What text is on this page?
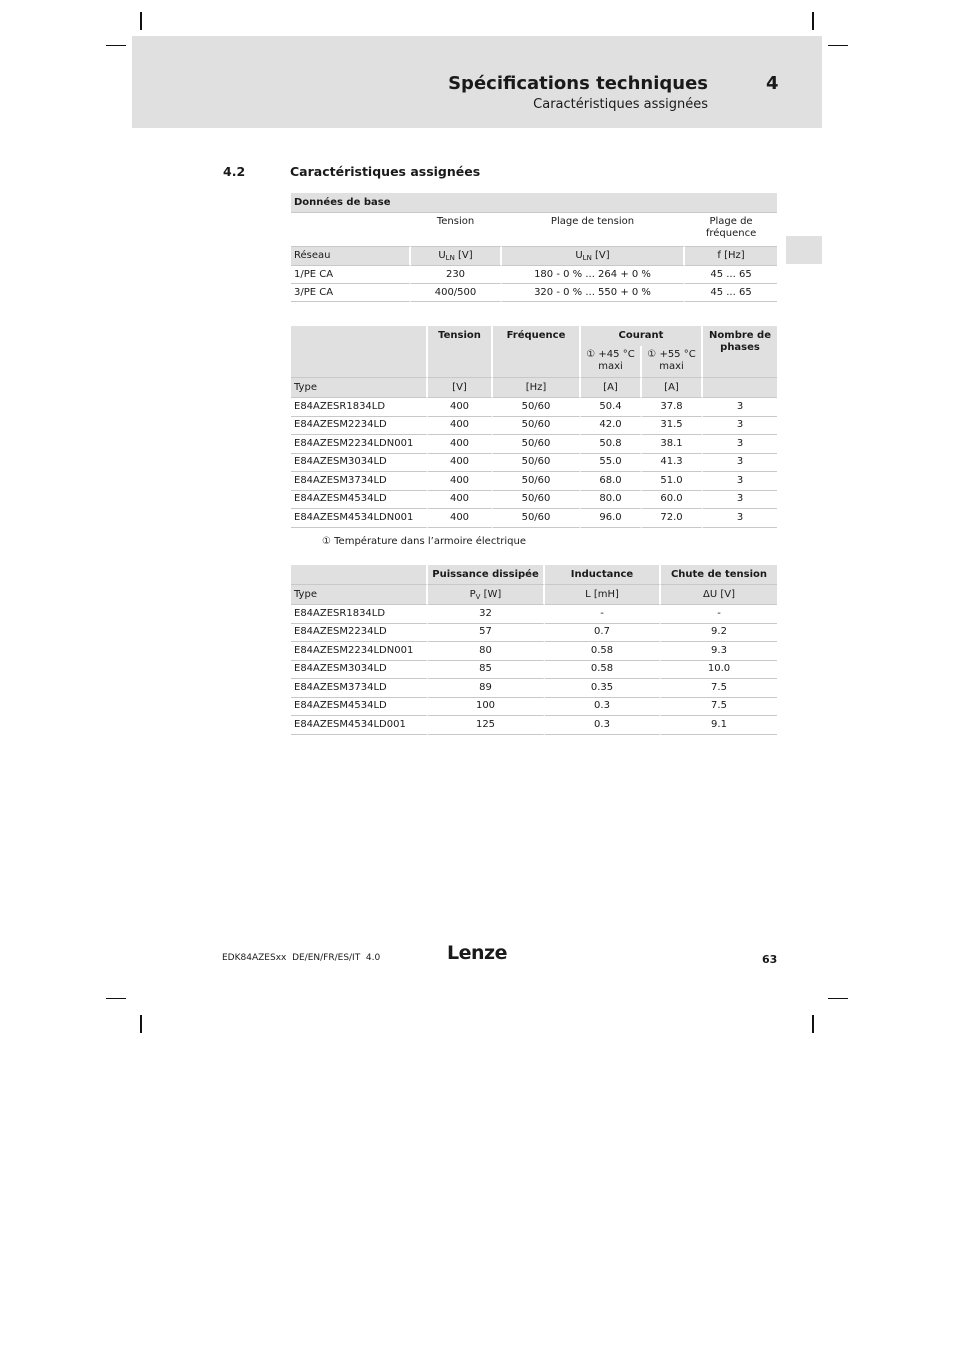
Spécifications techniques
Caractéristiques assignées
4
4.2	Caractéristiques assignées
Données de base			
	Tension	Plage de tension	Plage de fréquence
Réseau	$U_{LN}$ [V]	$U_{LN}$ [V]	f [Hz]
1/PE CA	230	180 - 0 % ... 264 + 0 %	45 ... 65
3/PE CA	400/500	320 - 0 % ... 550 + 0 %	45 ... 65
	Tension	Fréquence	Courant		Nombre de phases
			① +45 °C maxi	① +55 °C maxi	
Type	[V]	[Hz]	[A]	[A]	
E84AZESR1834LD	400	50/60	50.4	37.8	3
E84AZESM2234LD	400	50/60	42.0	31.5	3
E84AZESM2234LDN001	400	50/60	50.8	38.1	3
E84AZESM3034LD	400	50/60	55.0	41.3	3
E84AZESM3734LD	400	50/60	68.0	51.0	3
E84AZESM4534LD	400	50/60	80.0	60.0	3
E84AZESM4534LDN001	400	50/60	96.0	72.0	3
① Température dans l’armoire électrique
	Puissance dissipée	Inductance	Chute de tension
Type	$P_V$ [W]	L [mH]	ΔU [V]
E84AZESR1834LD	32	-	-
E84AZESM2234LD	57	0.7	9.2
E84AZESM2234LDN001	80	0.58	9.3
E84AZESM3034LD	85	0.58	10.0
E84AZESM3734LD	89	0.35	7.5
E84AZESM4534LD	100	0.3	7.5
E84AZESM4534LD001	125	0.3	9.1
EDK84AZESxx  DE/EN/FR/ES/IT  4.0	Lenze	63
